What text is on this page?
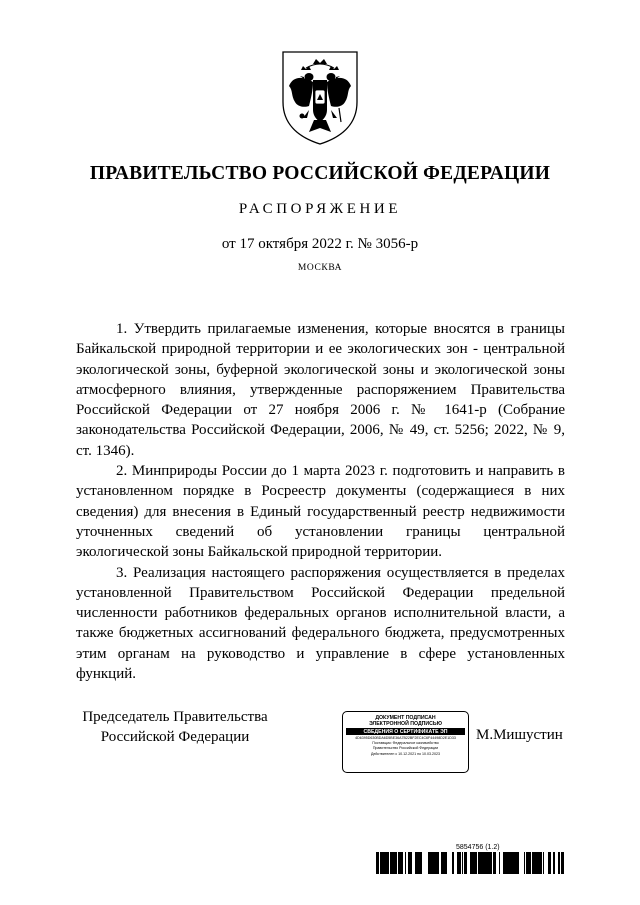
ПРАВИТЕЛЬСТВО РОССИЙСКОЙ ФЕДЕРАЦИИ
РАСПОРЯЖЕНИЕ
от 17 октября 2022 г. № 3056-р
МОСКВА

1. Утвердить прилагаемые изменения, которые вносятся в границы Байкальской природной территории и ее экологических зон - центральной экологической зоны, буферной экологической зоны и экологической зоны атмосферного влияния, утвержденные распоряжением Правительства Российской Федерации от 27 ноября 2006 г. № 1641-р (Собрание законодательства Российской Федерации, 2006, № 49, ст. 5256; 2022, № 9, ст. 1346).

2. Минприроды России до 1 марта 2023 г. подготовить и направить в установленном порядке в Росреестр документы (содержащиеся в них сведения) для внесения в Единый государственный реестр недвижимости уточненных сведений об установлении границы центральной экологической зоны Байкальской природной территории.

3. Реализация настоящего распоряжения осуществляется в пределах установленной Правительством Российской Федерации предельной численности работников федеральных органов исполнительной власти, а также бюджетных ассигнований федерального бюджета, предусмотренных этим органам на руководство и управление в сфере установленных функций.

Председатель Правительства
Российской Федерации
ДОКУМЕНТ ПОДПИСАН
ЭЛЕКТРОННОЙ ПОДПИСЬЮ
СВЕДЕНИЯ О СЕРТИФИКАТЕ ЭП
4D6395D630BDA6D5BE36A7B22BF2EC4C6F44498D2E1D33
Поставщик: Федеральное казначейство
Правительство Российской Федерации
Действителен с 10.12.2021 по 10.03.2023
М.Мишустин
5854756 (1.2)
